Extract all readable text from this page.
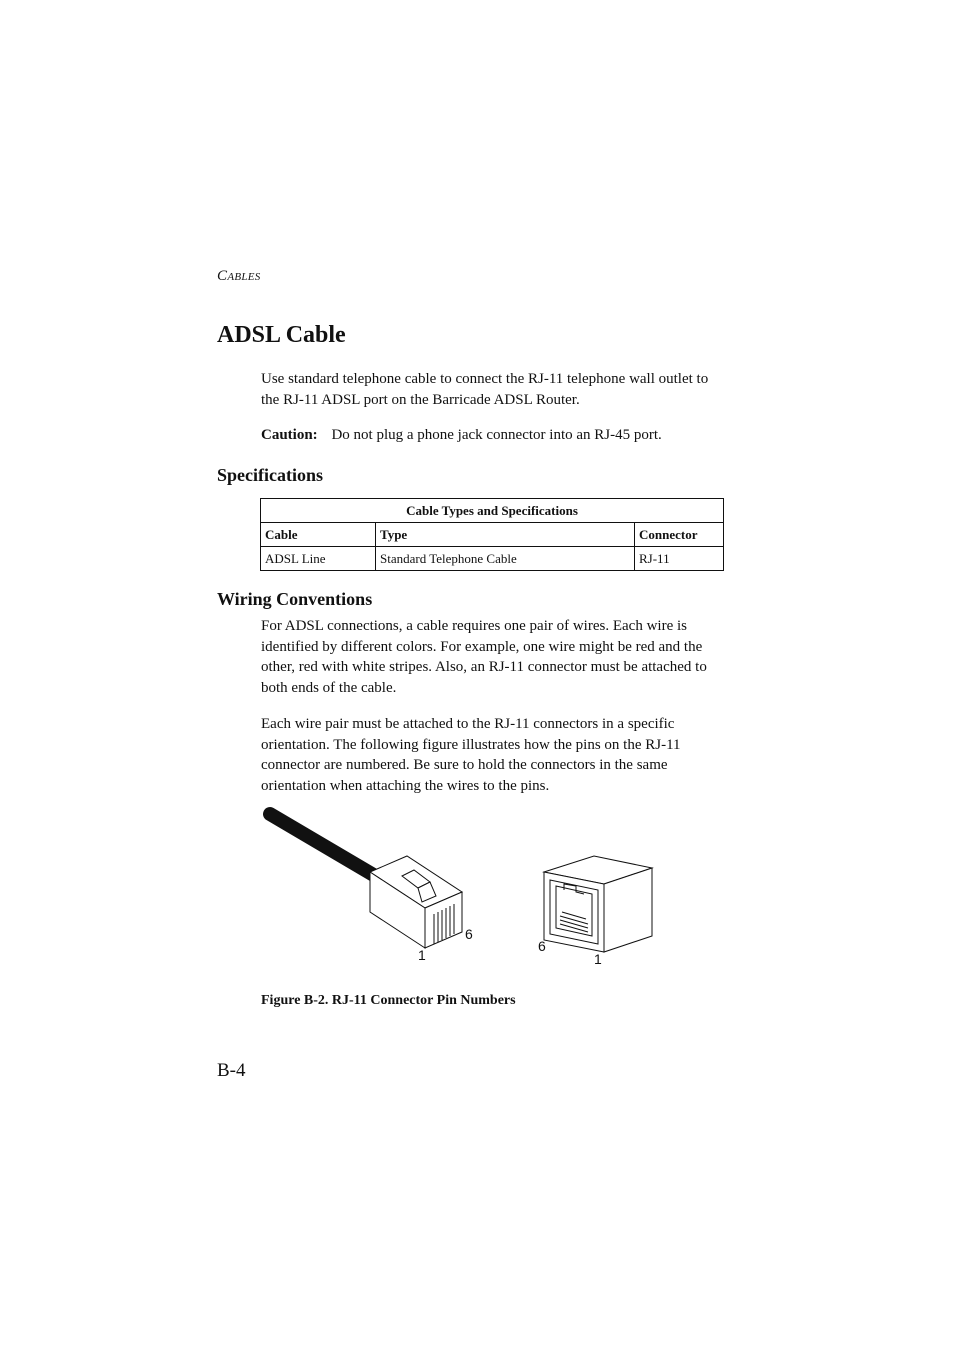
CABLES
ADSL Cable

Use standard telephone cable to connect the RJ-11 telephone wall outlet to the RJ-11 ADSL port on the Barricade ADSL Router.

Caution: Do not plug a phone jack connector into an RJ-45 port.

Specifications
Cable Types and Specifications		
Cable	Type	Connector
ADSL Line	Standard Telephone Cable	RJ-11
Wiring Conventions

For ADSL connections, a cable requires one pair of wires. Each wire is identified by different colors. For example, one wire might be red and the other, red with white stripes. Also, an RJ-11 connector must be attached to both ends of the cable.

Each wire pair must be attached to the RJ-11 connectors in a specific orientation. The following figure illustrates how the pins on the RJ-11 connector are numbered. Be sure to hold the connectors in the same orientation when attaching the wires to the pins.

1
6
6
1
Figure B-2. RJ-11 Connector Pin Numbers
B-4
